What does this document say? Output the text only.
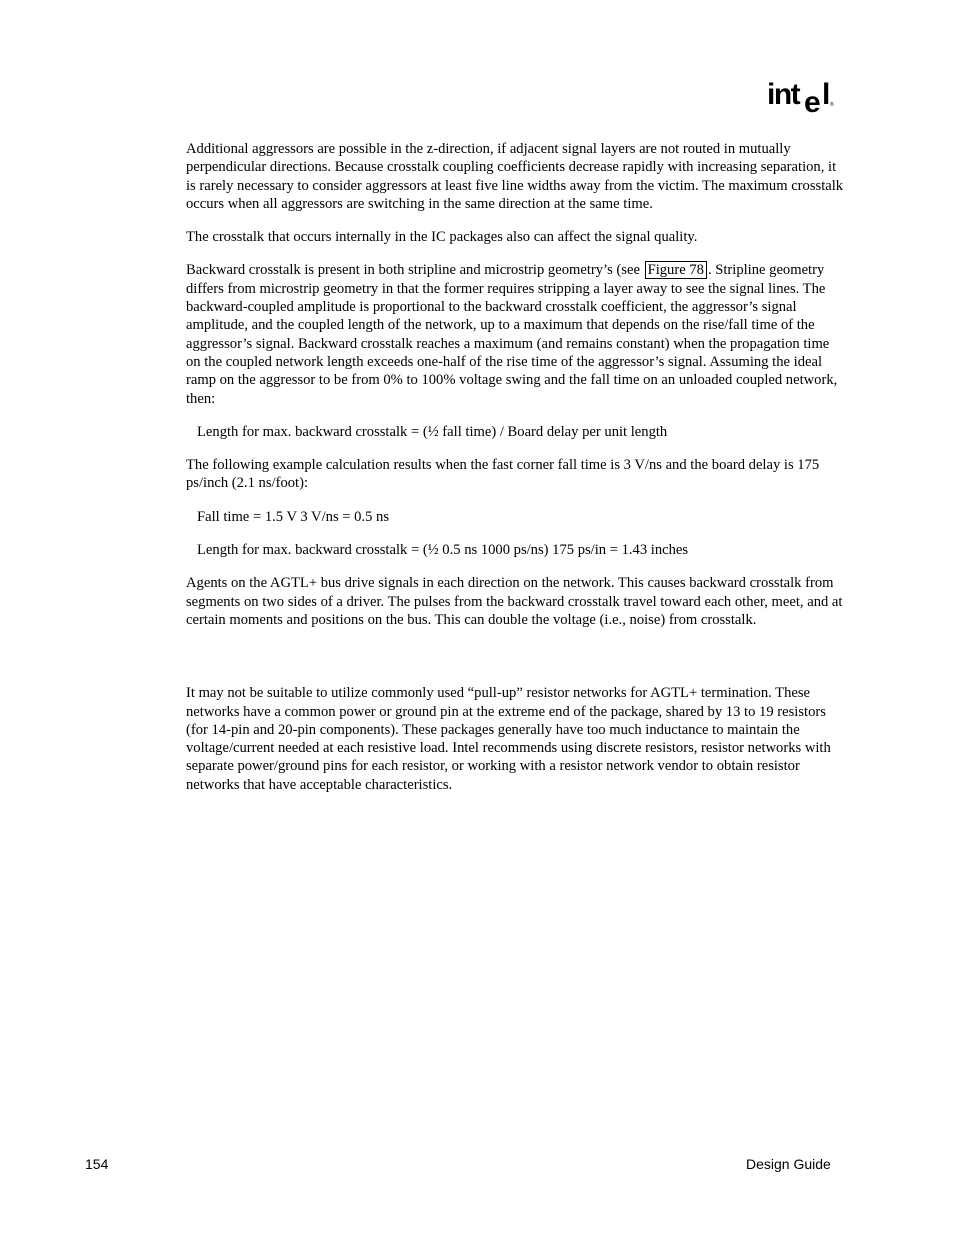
int e l ®

Additional aggressors are possible in the z-direction, if adjacent signal layers are not routed in mutually perpendicular directions. Because crosstalk coupling coefficients decrease rapidly with increasing separation, it is rarely necessary to consider aggressors at least five line widths away from the victim. The maximum crosstalk occurs when all aggressors are switching in the same direction at the same time.

The crosstalk that occurs internally in the IC packages also can affect the signal quality.

Backward crosstalk is present in both stripline and microstrip geometry’s (see Figure 78 . Stripline geometry differs from microstrip geometry in that the former requires stripping a layer away to see the signal lines. The backward-coupled amplitude is proportional to the backward crosstalk coefficient, the aggressor’s signal amplitude, and the coupled length of the network, up to a maximum that depends on the rise/fall time of the aggressor’s signal. Backward crosstalk reaches a maximum (and remains constant) when the propagation time on the coupled network length exceeds one-half of the rise time of the aggressor’s signal. Assuming the ideal ramp on the aggressor to be from 0% to 100% voltage swing and the fall time on an unloaded coupled network, then:

Length for max. backward crosstalk = (½ fall time) / Board delay per unit length

The following example calculation results when the fast corner fall time is 3 V/ns and the board delay is 175 ps/inch (2.1 ns/foot):

Fall time = 1.5 V 3 V/ns = 0.5 ns

Length for max. backward crosstalk = (½ 0.5 ns 1000 ps/ns) 175 ps/in = 1.43 inches

Agents on the AGTL+ bus drive signals in each direction on the network. This causes backward crosstalk from segments on two sides of a driver. The pulses from the backward crosstalk travel toward each other, meet, and at certain moments and positions on the bus. This can double the voltage (i.e., noise) from crosstalk.

It may not be suitable to utilize commonly used “pull-up” resistor networks for AGTL+ termination. These networks have a common power or ground pin at the extreme end of the package, shared by 13 to 19 resistors (for 14-pin and 20-pin components). These packages generally have too much inductance to maintain the voltage/current needed at each resistive load. Intel recommends using discrete resistors, resistor networks with separate power/ground pins for each resistor, or working with a resistor network vendor to obtain resistor networks that have acceptable characteristics.

154	Design Guide
